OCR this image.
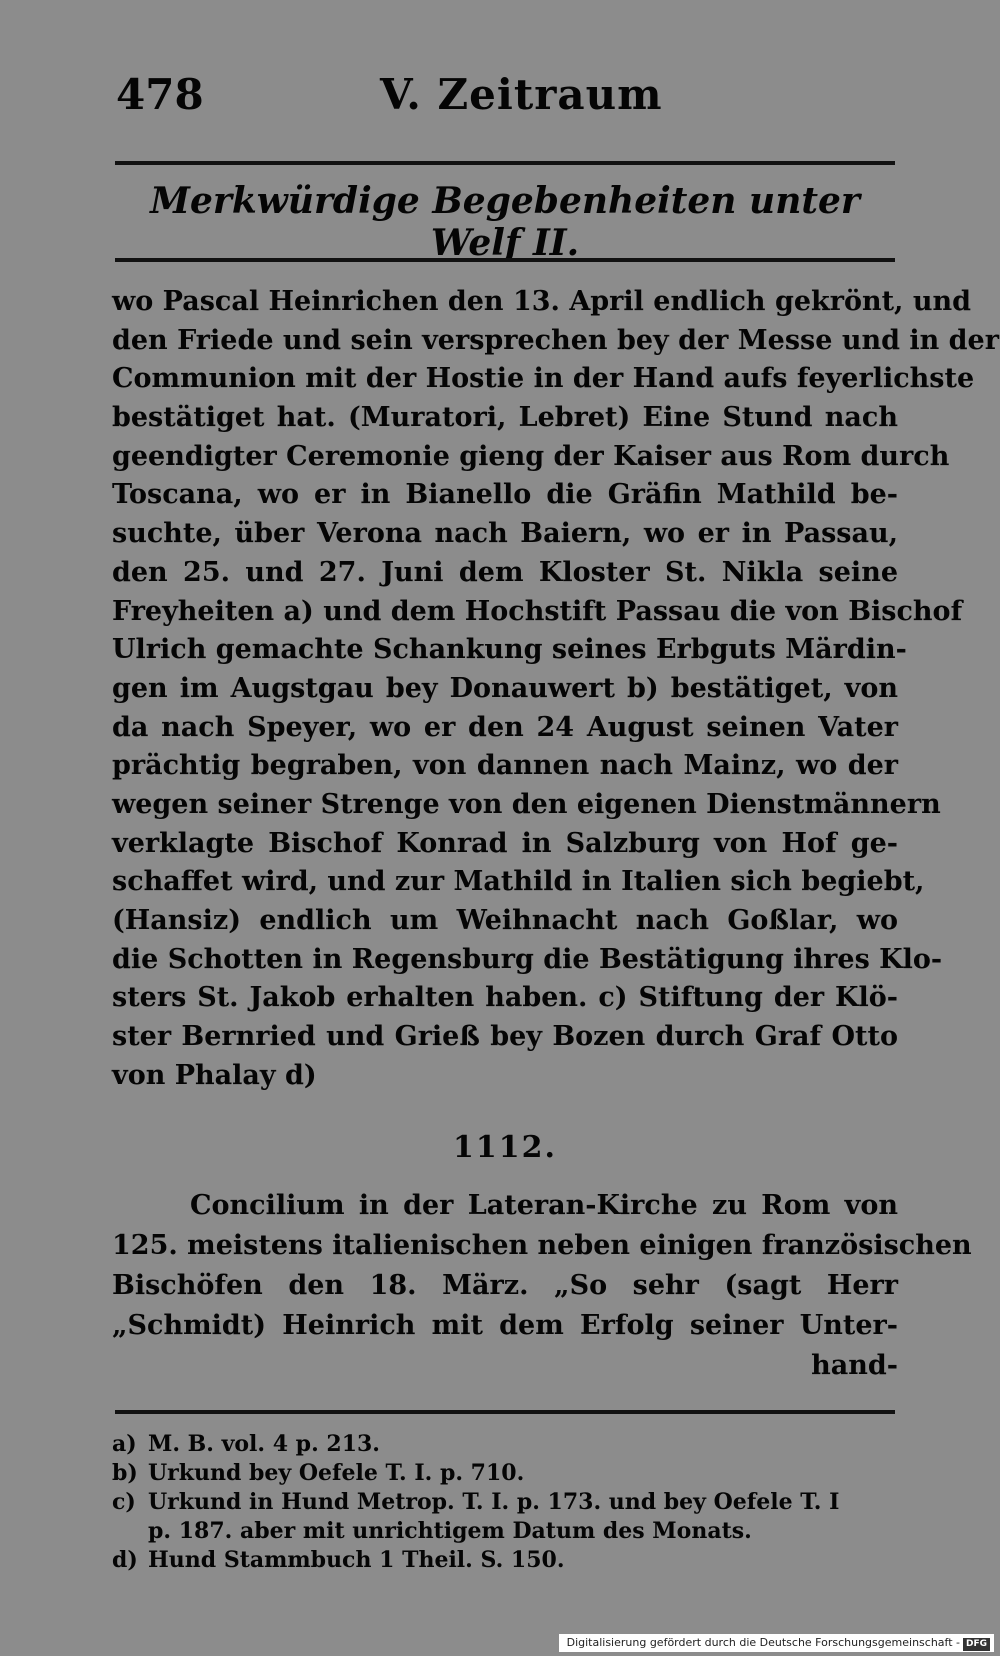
478	V. Zeitraum
Merkwürdige Begebenheiten unter Welf II.
wo Pascal Heinrichen den 13. April endlich gekrönt, und
den Friede und sein versprechen bey der Messe und in der
Communion mit der Hostie in der Hand aufs feyerlichste
bestätiget hat. (Muratori, Lebret) Eine Stund nach
geendigter Ceremonie gieng der Kaiser aus Rom durch
Toscana, wo er in Bianello die Gräfin Mathild be-
suchte, über Verona nach Baiern, wo er in Passau,
den 25. und 27. Juni dem Kloster St. Nikla seine
Freyheiten a) und dem Hochstift Passau die von Bischof
Ulrich gemachte Schankung seines Erbguts Märdin-
gen im Augstgau bey Donauwert b) bestätiget, von
da nach Speyer, wo er den 24 August seinen Vater
prächtig begraben, von dannen nach Mainz, wo der
wegen seiner Strenge von den eigenen Dienstmännern
verklagte Bischof Konrad in Salzburg von Hof ge-
schaffet wird, und zur Mathild in Italien sich begiebt,
(Hansiz) endlich um Weihnacht nach Goßlar, wo
die Schotten in Regensburg die Bestätigung ihres Klo-
sters St. Jakob erhalten haben. c) Stiftung der Klö-
ster Bernried und Grieß bey Bozen durch Graf Otto
von Phalay d)
1112.
Concilium in der Lateran-Kirche zu Rom von
125. meistens italienischen neben einigen französischen
Bischöfen den 18. März. „So sehr (sagt Herr
„Schmidt) Heinrich mit dem Erfolg seiner Unter-
hand-
a) M. B. vol. 4 p. 213.
b) Urkund bey Oefele T. I. p. 710.
c) Urkund in Hund Metrop. T. I. p. 173. und bey Oefele T. I
p. 187. aber mit unrichtigem Datum des Monats.
d) Hund Stammbuch 1 Theil. S. 150.
Digitalisierung gefördert durch die Deutsche Forschungsgemeinschaft - DFG
